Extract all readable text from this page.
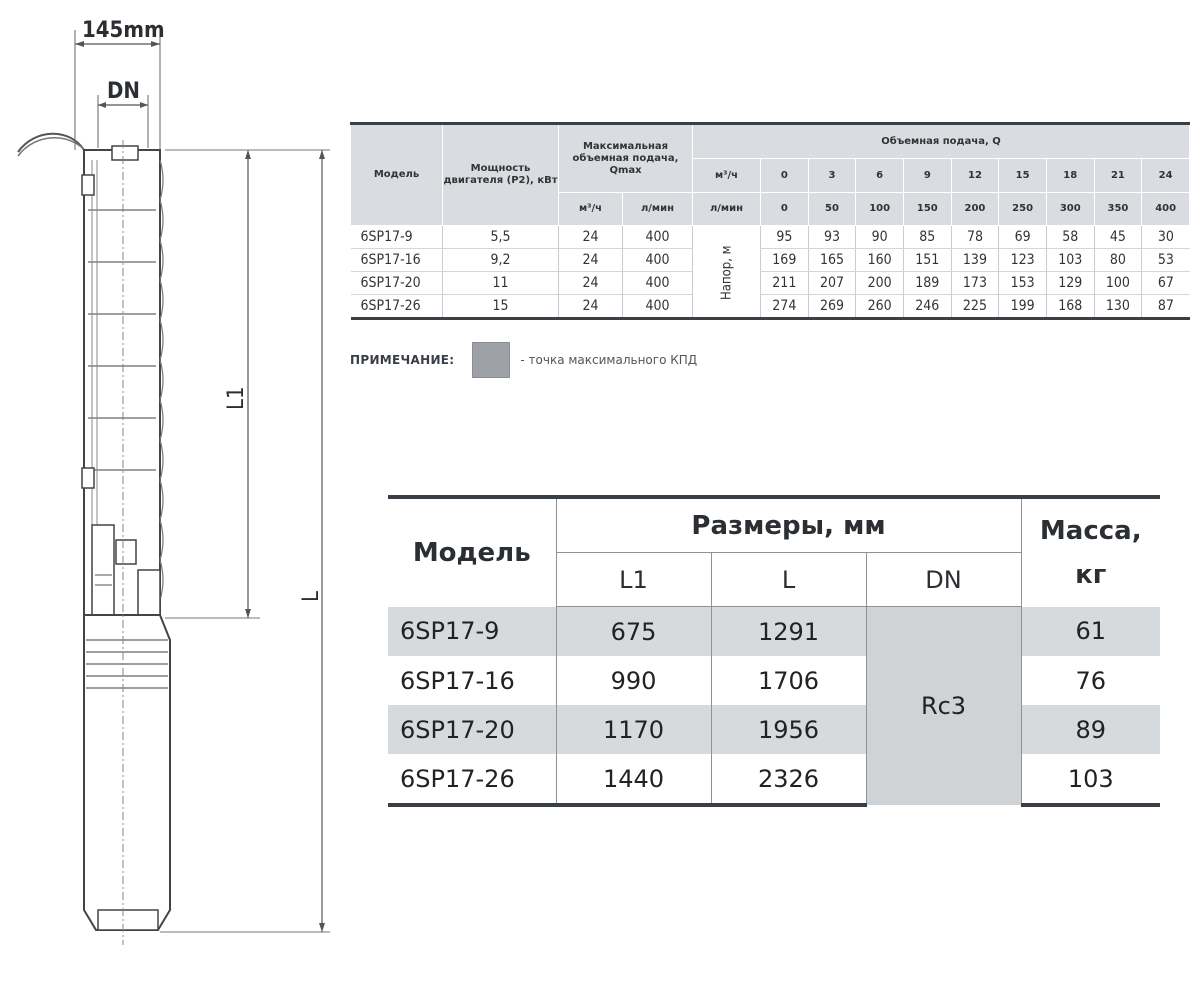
145mm
DN
L1
L
Модель	Мощность двигателя (P2), кВт	Максимальная объемная подача, Qmax		Объемная подача, Q									
				м³/ч	0	3	6	9	12	15	18	21	24
		м³/ч	л/мин	л/мин	0	50	100	150	200	250	300	350	400
6SP17-9	5,5	24	400	Напор, м	95	93	90	85	78	69	58	45	30
6SP17-16	9,2	24	400		169	165	160	151	139	123	103	80	53
6SP17-20	11	24	400		211	207	200	189	173	153	129	100	67
6SP17-26	15	24	400		274	269	260	246	225	199	168	130	87
ПРИМЕЧАНИЕ:	- точка максимального КПД
Модель	Размеры, мм			Масса, кг
	L1	L	DN	
6SP17-9	675	1291	Rc3	61
6SP17-16	990	1706		76
6SP17-20	1170	1956		89
6SP17-26	1440	2326		103
